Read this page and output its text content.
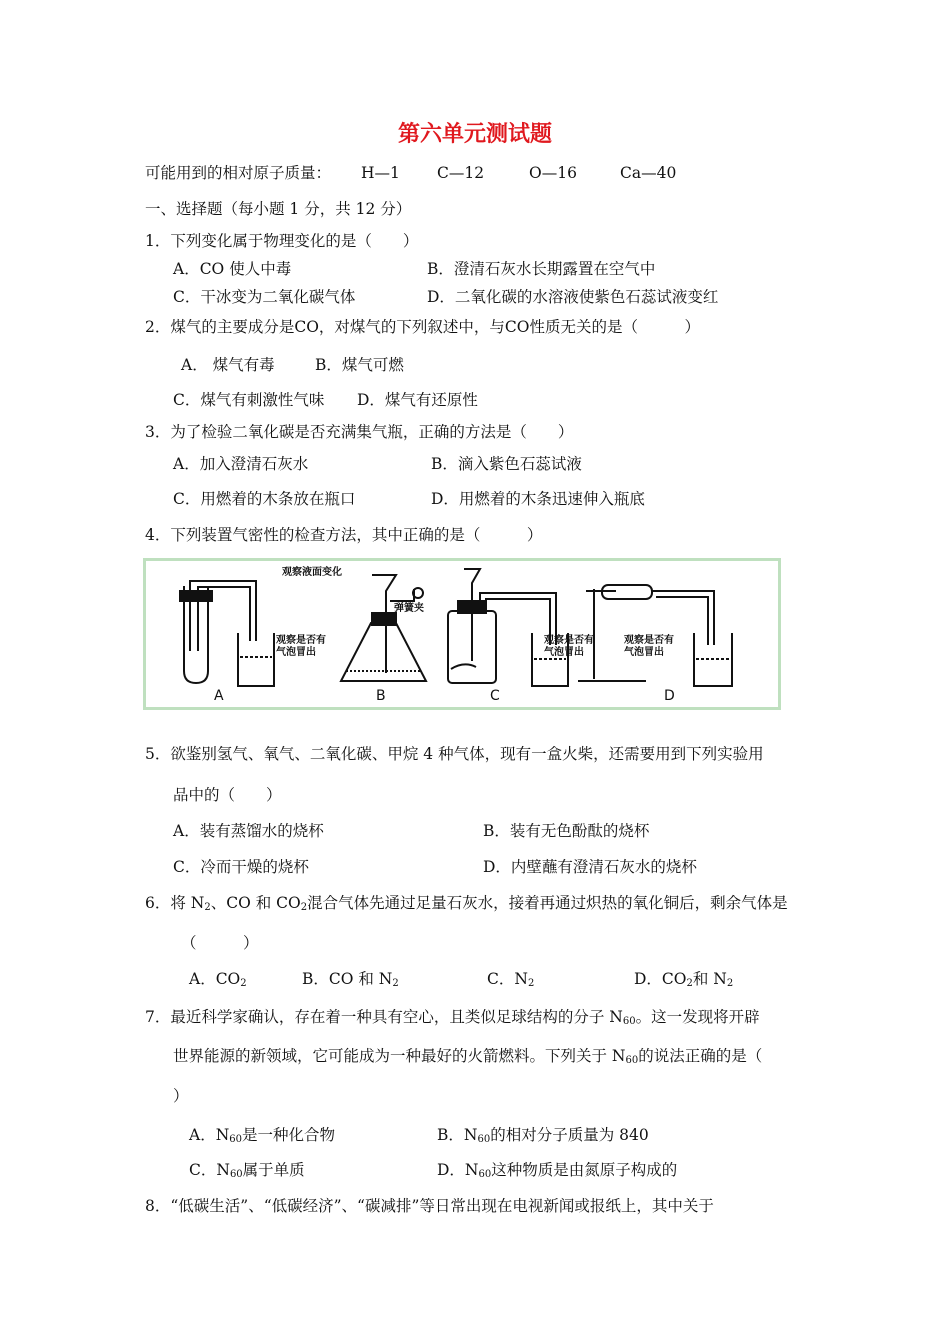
第六单元测试题
可能用到的相对原子质量： H—1 C—12	O—16	Ca—40
一、选择题（每小题 1 分，共 12 分）
1．下列变化属于物理变化的是（　　）
A．CO 使人中毒	B．澄清石灰水长期露置在空气中
C．干冰变为二氧化碳气体	D．二氧化碳的水溶液使紫色石蕊试液变红
2．煤气的主要成分是CO，对煤气的下列叙述中，与CO性质无关的是（　　　）
A． 煤气有毒	B．煤气可燃
C．煤气有刺激性气味 D．煤气有还原性
3．为了检验二氧化碳是否充满集气瓶，正确的方法是（　　）
A．加入澄清石灰水	B．滴入紫色石蕊试液
C．用燃着的木条放在瓶口	D．用燃着的木条迅速伸入瓶底
4．下列装置气密性的检查方法，其中正确的是（　　　）
A	B	C	D
观察液面变化
弹簧夹
观察是否有
气泡冒出
观察是否有
气泡冒出
观察是否有
气泡冒出
5．欲鉴别氢气、氧气、二氧化碳、甲烷 4 种气体，现有一盒火柴，还需要用到下列实验用
品中的（　　）
A．装有蒸馏水的烧杯	B．装有无色酚酞的烧杯
C．冷而干燥的烧杯	D．内壁蘸有澄清石灰水的烧杯
6．将 $N_2$、CO 和 $CO_2$混合气体先通过足量石灰水，接着再通过炽热的氧化铜后，剩余气体是
（　　　）
A．$CO_2$	B．CO 和 $N_2$	C．$N_2$	D．$CO_2$和 $N_2$
7．最近科学家确认，存在着一种具有空心，且类似足球结构的分子 $N_{60}$。这一发现将开辟
世界能源的新领域，它可能成为一种最好的火箭燃料。下列关于 $N_{60}$的说法正确的是（
）
A．$N_{60}$是一种化合物	B．$N_{60}$的相对分子质量为 840
C．$N_{60}$属于单质	D．$N_{60}$这种物质是由氮原子构成的
8．“低碳生活”、“低碳经济”、“碳减排”等日常出现在电视新闻或报纸上，其中关于
